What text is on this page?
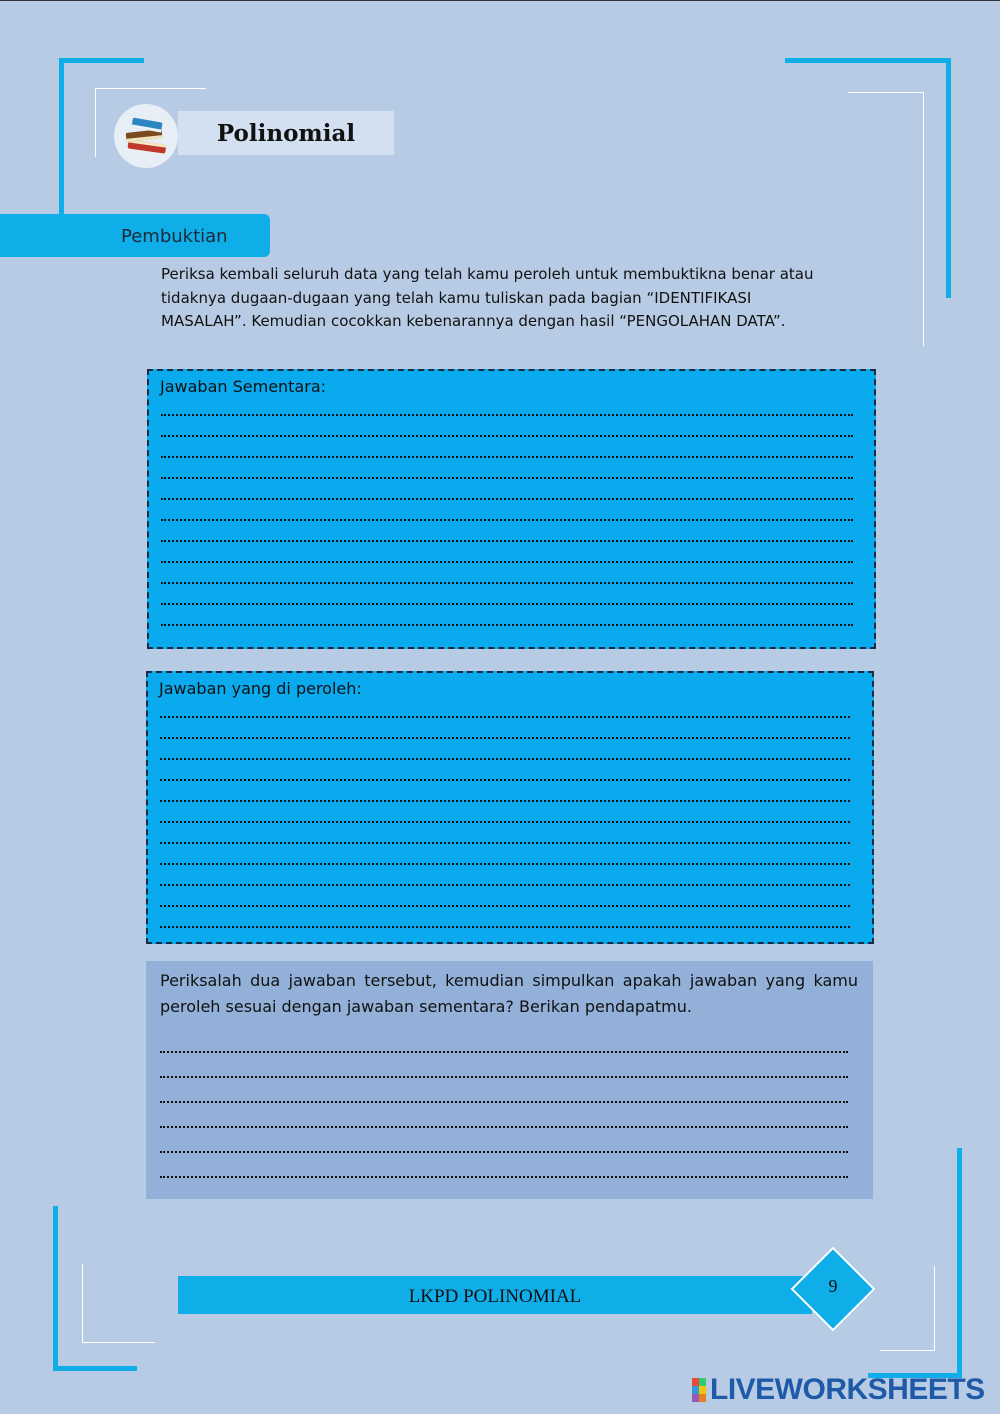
Polinomial
Pembuktian
Periksa kembali seluruh data yang telah kamu peroleh untuk membuktikna benar atau tidaknya dugaan-dugaan yang telah kamu tuliskan pada bagian “IDENTIFIKASI MASALAH”. Kemudian cocokkan kebenarannya dengan hasil “PENGOLAHAN DATA”.
Jawaban Sementara:
Jawaban yang di peroleh:
Periksalah dua jawaban tersebut, kemudian simpulkan apakah jawaban yang kamu peroleh sesuai dengan jawaban sementara? Berikan pendapatmu.
LKPD POLINOMIAL	9
LIVEWORKSHEETS
